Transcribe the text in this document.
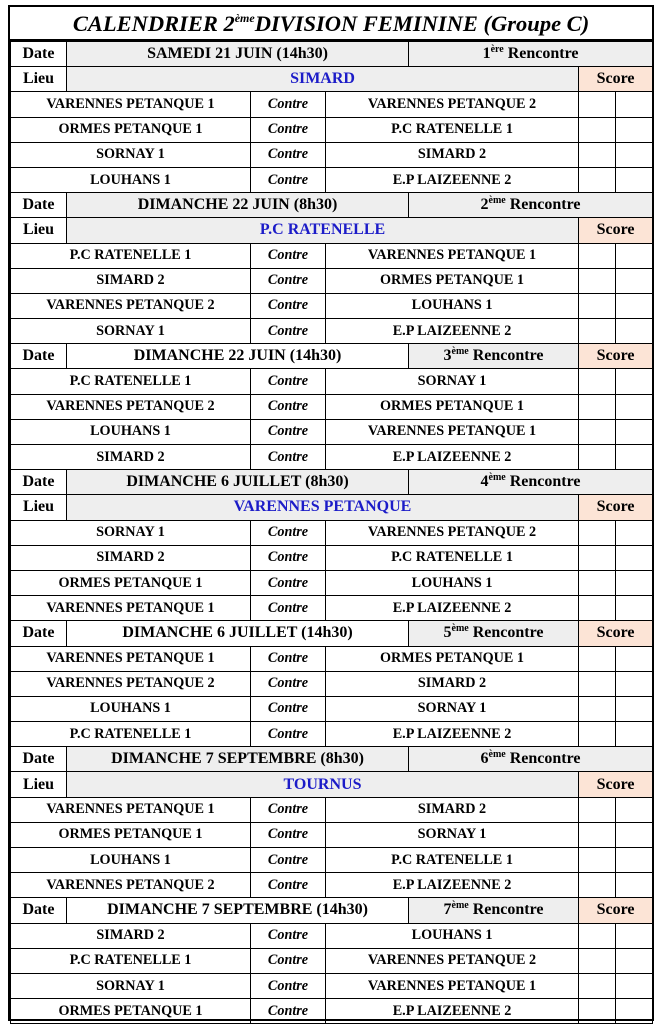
CALENDRIER 2èmeDIVISION FEMININE (Groupe C)
Date	SAMEDI 21 JUIN (14h30)			1ère Rencontre		
Lieu	SIMARD				Score	
VARENNES PETANQUE 1		Contre	VARENNES PETANQUE 2			
ORMES PETANQUE 1		Contre	P.C RATENELLE 1			
SORNAY 1		Contre	SIMARD 2			
LOUHANS 1		Contre	E.P LAIZEENNE 2			
Date	DIMANCHE 22 JUIN (8h30)			2ème Rencontre		
Lieu	P.C RATENELLE				Score	
P.C RATENELLE 1		Contre	VARENNES PETANQUE 1			
SIMARD 2		Contre	ORMES PETANQUE 1			
VARENNES PETANQUE 2		Contre	LOUHANS 1			
SORNAY 1		Contre	E.P LAIZEENNE 2			
Date	DIMANCHE 22 JUIN (14h30)			3ème Rencontre	Score	
P.C RATENELLE 1		Contre	SORNAY 1			
VARENNES PETANQUE 2		Contre	ORMES PETANQUE 1			
LOUHANS 1		Contre	VARENNES PETANQUE 1			
SIMARD 2		Contre	E.P LAIZEENNE 2			
Date	DIMANCHE 6 JUILLET (8h30)			4ème Rencontre		
Lieu	VARENNES PETANQUE				Score	
SORNAY 1		Contre	VARENNES PETANQUE 2			
SIMARD 2		Contre	P.C RATENELLE 1			
ORMES PETANQUE 1		Contre	LOUHANS 1			
VARENNES PETANQUE 1		Contre	E.P LAIZEENNE 2			
Date	DIMANCHE 6 JUILLET (14h30)			5ème Rencontre	Score	
VARENNES PETANQUE 1		Contre	ORMES PETANQUE 1			
VARENNES PETANQUE 2		Contre	SIMARD 2			
LOUHANS 1		Contre	SORNAY 1			
P.C RATENELLE 1		Contre	E.P LAIZEENNE 2			
Date	DIMANCHE 7 SEPTEMBRE (8h30)			6ème Rencontre		
Lieu	TOURNUS				Score	
VARENNES PETANQUE 1		Contre	SIMARD 2			
ORMES PETANQUE 1		Contre	SORNAY 1			
LOUHANS 1		Contre	P.C RATENELLE 1			
VARENNES PETANQUE 2		Contre	E.P LAIZEENNE 2			
Date	DIMANCHE 7 SEPTEMBRE (14h30)			7ème Rencontre	Score	
SIMARD 2		Contre	LOUHANS 1			
P.C RATENELLE 1		Contre	VARENNES PETANQUE 2			
SORNAY 1		Contre	VARENNES PETANQUE 1			
ORMES PETANQUE 1		Contre	E.P LAIZEENNE 2			
